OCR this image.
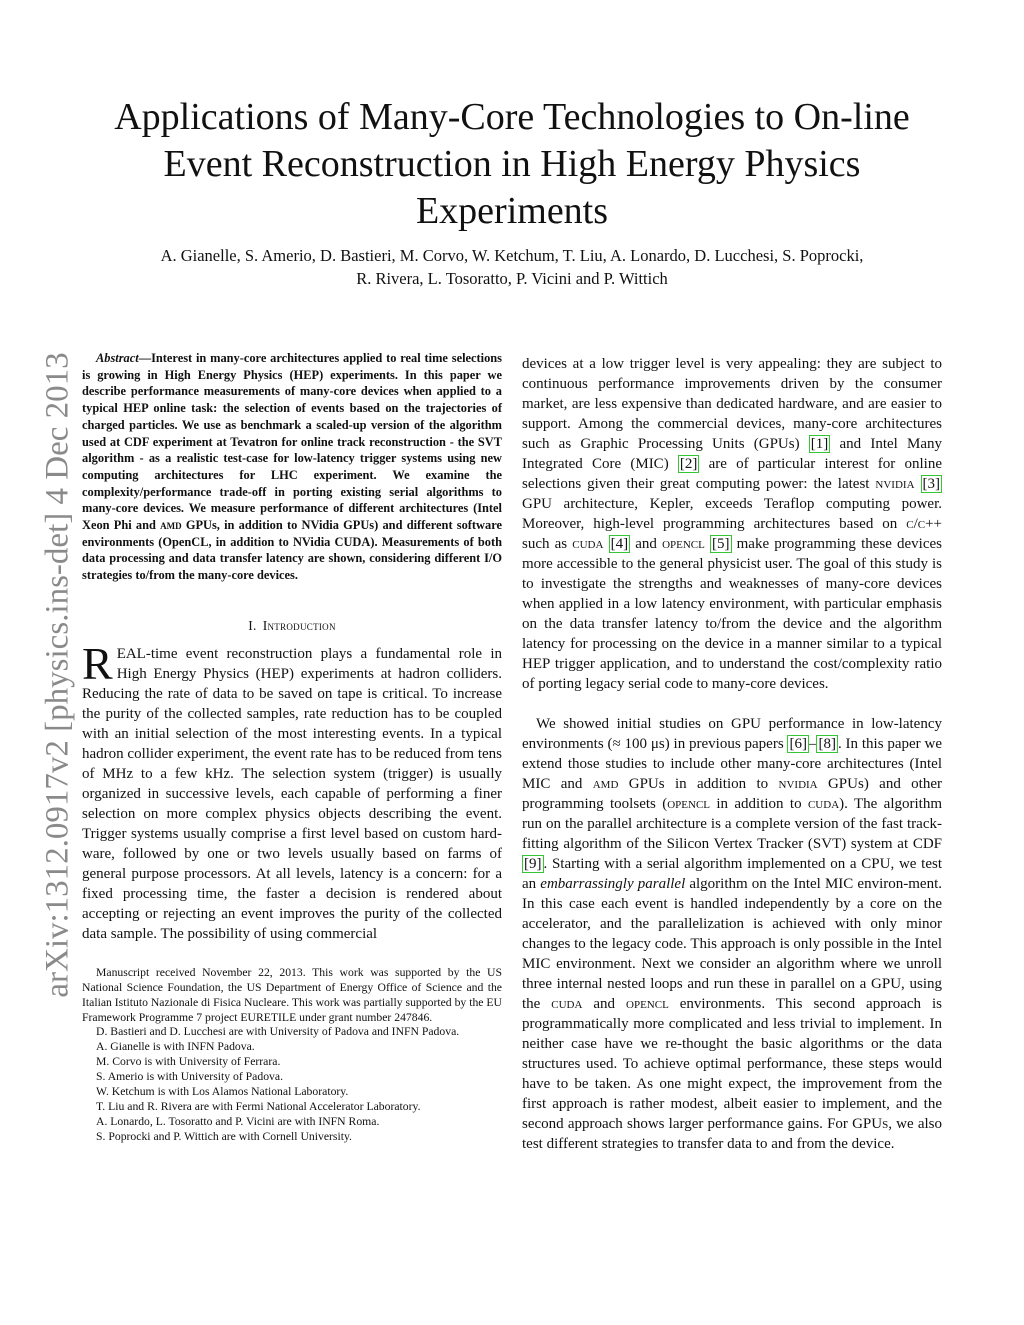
Applications of Many-Core Technologies to On-line
Event Reconstruction in High Energy Physics
Experiments
A. Gianelle, S. Amerio, D. Bastieri, M. Corvo, W. Ketchum, T. Liu, A. Lonardo, D. Lucchesi, S. Poprocki,
R. Rivera, L. Tosoratto, P. Vicini and P. Wittich
arXiv:1312.0917v2 [physics.ins-det] 4 Dec 2013	Abstract—Interest in many-core architectures applied to real time selections is growing in High Energy Physics (HEP) experiments. In this paper we describe performance measurements of many-core devices when applied to a typical HEP online task: the selection of events based on the trajectories of charged particles. We use as benchmark a scaled-up version of the algorithm used at CDF experiment at Tevatron for online track reconstruction - the SVT algorithm - as a realistic test-case for low-latency trigger systems using new computing architectures for LHC experiment. We examine the complexity/performance trade-off in porting existing serial algorithms to many-core devices. We measure performance of different architectures (Intel Xeon Phi and amd GPUs, in addition to NVidia GPUs) and different software environments (OpenCL, in addition to NVidia CUDA). Measurements of both data processing and data transfer latency are shown, considering different I/O strategies to/from the many-core devices.

I. Introduction

REAL-time event reconstruction plays a fundamental role in High Energy Physics (HEP) experiments at hadron colliders. Reducing the rate of data to be saved on tape is critical. To increase the purity of the collected samples, rate reduction has to be coupled with an initial selection of the most interesting events. In a typical hadron collider experiment, the event rate has to be reduced from tens of MHz to a few kHz. The selection system (trigger) is usually organized in successive levels, each capable of performing a finer selection on more complex physics objects describing the event. Trigger systems usually comprise a first level based on custom hard-ware, followed by one or two levels usually based on farms of general purpose processors. At all levels, latency is a concern: for a fixed processing time, the faster a decision is rendered about accepting or rejecting an event improves the purity of the collected data sample. The possibility of using commercial

Manuscript received November 22, 2013. This work was supported by the US National Science Foundation, the US Department of Energy Office of Science and the Italian Istituto Nazionale di Fisica Nucleare. This work was partially supported by the EU Framework Programme 7 project EURETILE under grant number 247846.

D. Bastieri and D. Lucchesi are with University of Padova and INFN Padova.

A. Gianelle is with INFN Padova.

M. Corvo is with University of Ferrara.

S. Amerio is with University of Padova.

W. Ketchum is with Los Alamos National Laboratory.

T. Liu and R. Rivera are with Fermi National Accelerator Laboratory.

A. Lonardo, L. Tosoratto and P. Vicini are with INFN Roma.

S. Poprocki and P. Wittich are with Cornell University.

devices at a low trigger level is very appealing: they are subject to continuous performance improvements driven by the consumer market, are less expensive than dedicated hardware, and are easier to support. Among the commercial devices, many-core architectures such as Graphic Processing Units (GPUs) [1] and Intel Many Integrated Core (MIC) [2] are of particular interest for online selections given their great computing power: the latest nvidia [3] GPU architecture, Kepler, exceeds Teraflop computing power. Moreover, high-level programming architectures based on c/c++ such as cuda [4] and opencl [5] make programming these devices more accessible to the general physicist user. The goal of this study is to investigate the strengths and weaknesses of many-core devices when applied in a low latency environment, with particular emphasis on the data transfer latency to/from the device and the algorithm latency for processing on the device in a manner similar to a typical HEP trigger application, and to understand the cost/complexity ratio of porting legacy serial code to many-core devices.

We showed initial studies on GPU performance in low-latency environments (≈ 100 μs) in previous papers [6] – [8] . In this paper we extend those studies to include other many-core architectures (Intel MIC and amd GPUs in addition to nvidia GPUs) and other programming toolsets (opencl in addition to cuda). The algorithm run on the parallel architecture is a complete version of the fast track-fitting algorithm of the Silicon Vertex Tracker (SVT) system at CDF [9] . Starting with a serial algorithm implemented on a CPU, we test an embarrassingly parallel algorithm on the Intel MIC environ-ment. In this case each event is handled independently by a core on the accelerator, and the parallelization is achieved with only minor changes to the legacy code. This approach is only possible in the Intel MIC environment. Next we consider an algorithm where we unroll three internal nested loops and run these in parallel on a GPU, using the cuda and opencl environments. This second approach is programmatically more complicated and less trivial to implement. In neither case have we re-thought the basic algorithms or the data structures used. To achieve optimal performance, these steps would have to be taken. As one might expect, the improvement from the first approach is rather modest, albeit easier to implement, and the second approach shows larger performance gains. For GPUs, we also test different strategies to transfer data to and from the device.
